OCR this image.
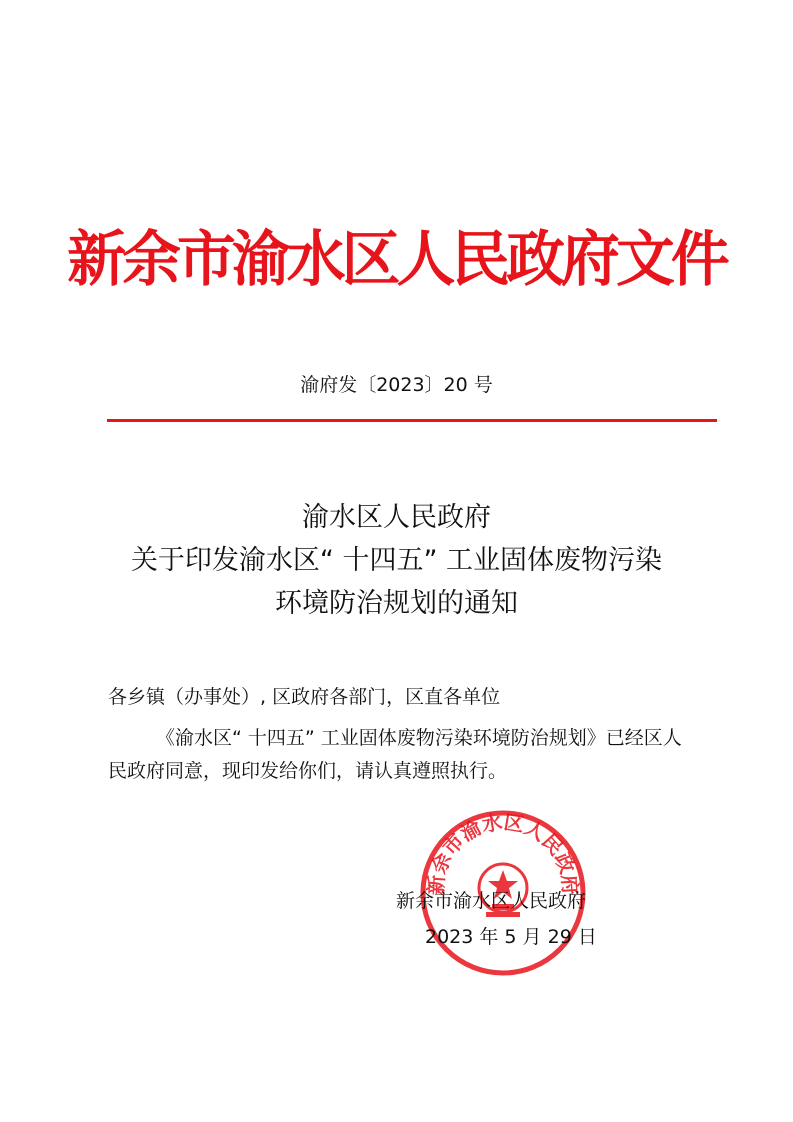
新余市渝水区人民政府文件
渝府发〔2023〕20 号
渝水区人民政府
关于印发渝水区“ 十四五” 工业固体废物污染
环境防治规划的通知
各乡镇（办事处）, 区政府各部门，区直各单位

《渝水区“ 十四五” 工业固体废物污染环境防治规划》已经区人民政府同意，现印发给你们，请认真遵照执行。

新余市渝水区人民政府
新余市渝水区人民政府
2023 年 5 月 29 日
